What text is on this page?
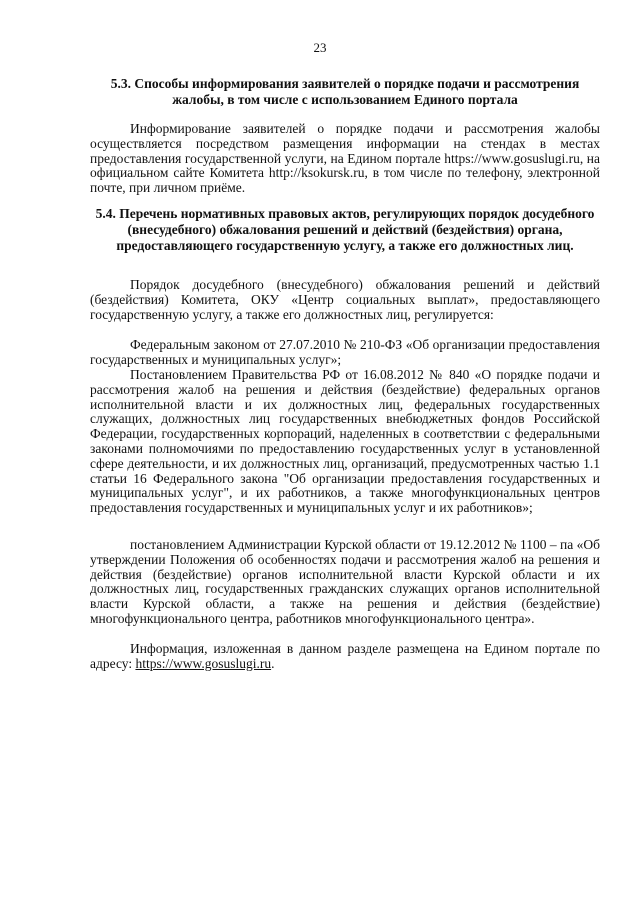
23
5.3. Способы информирования заявителей о порядке подачи и рассмотрения жалобы, в том числе с использованием Единого портала
Информирование заявителей о порядке подачи и рассмотрения жалобы осуществляется посредством размещения информации на стендах в местах предоставления государственной услуги, на Едином портале https://www.gosuslugi.ru, на официальном сайте Комитета http://ksokursk.ru, в том числе по телефону, электронной почте, при личном приёме.
5.4. Перечень нормативных правовых актов, регулирующих порядок досудебного (внесудебного) обжалования решений и действий (бездействия) органа, предоставляющего государственную услугу, а также его должностных лиц.
Порядок досудебного (внесудебного) обжалования решений и действий (бездействия) Комитета, ОКУ «Центр социальных выплат», предоставляющего государственную услугу, а также его должностных лиц, регулируется:
Федеральным законом от 27.07.2010 № 210-ФЗ «Об организации предоставления государственных и муниципальных услуг»;
Постановлением Правительства РФ от 16.08.2012 № 840 «О порядке подачи и рассмотрения жалоб на решения и действия (бездействие) федеральных органов исполнительной власти и их должностных лиц, федеральных государственных служащих, должностных лиц государственных внебюджетных фондов Российской Федерации, государственных корпораций, наделенных в соответствии с федеральными законами полномочиями по предоставлению государственных услуг в установленной сфере деятельности, и их должностных лиц, организаций, предусмотренных частью 1.1 статьи 16 Федерального закона "Об организации предоставления государственных и муниципальных услуг", и их работников, а также многофункциональных центров предоставления государственных и муниципальных услуг и их работников»;
постановлением Администрации Курской области от 19.12.2012 № 1100 – па «Об утверждении Положения об особенностях подачи и рассмотрения жалоб на решения и действия (бездействие) органов исполнительной власти Курской области и их должностных лиц, государственных гражданских служащих органов исполнительной власти Курской области, а также на решения и действия (бездействие) многофункционального центра, работников многофункционального центра».
Информация, изложенная в данном разделе размещена на Едином портале по адресу: https://www.gosuslugi.ru.
